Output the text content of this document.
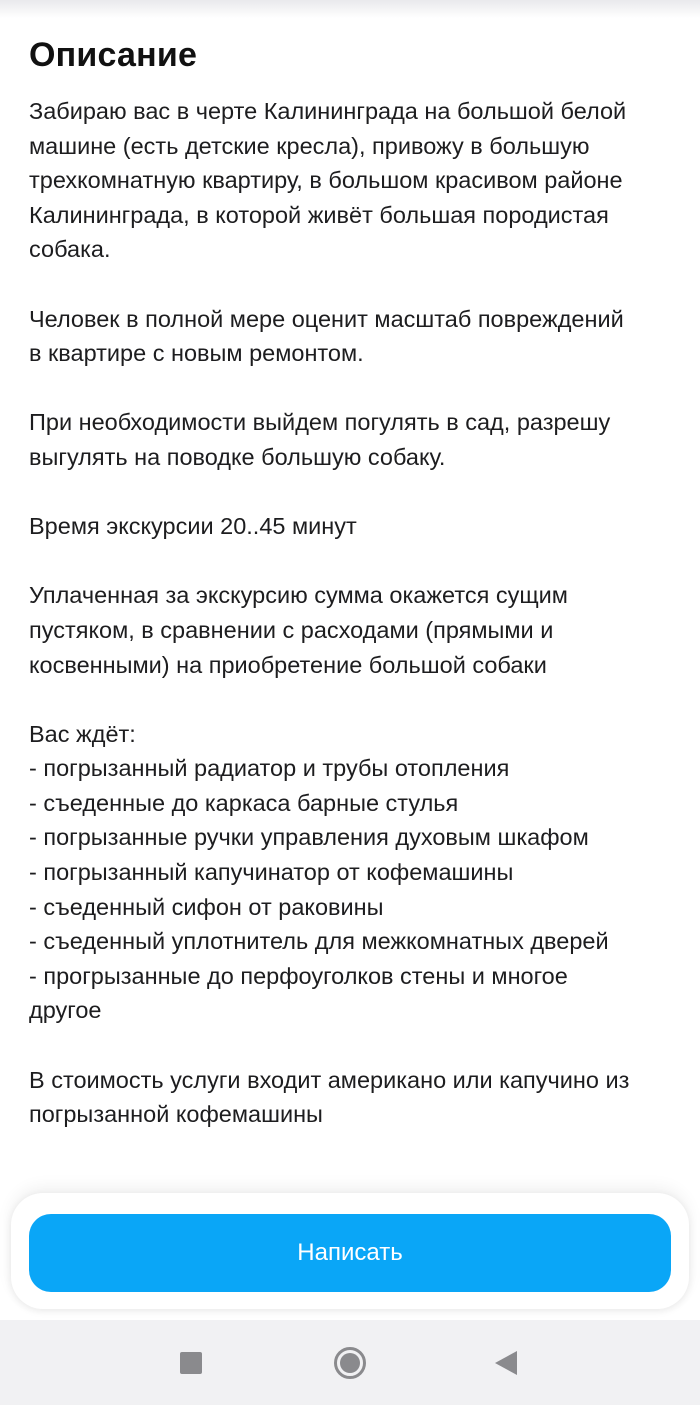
Описание

Забираю вас в черте Калининграда на большой белой
машине (есть детские кресла), привожу в большую
трехкомнатную квартиру, в большом красивом районе
Калининграда, в которой живёт большая породистая
собака.

Человек в полной мере оценит масштаб повреждений
в квартире с новым ремонтом.

При необходимости выйдем погулять в сад, разрешу
выгулять на поводке большую собаку.

Время экскурсии 20..45 минут

Уплаченная за экскурсию сумма окажется сущим
пустяком, в сравнении с расходами (прямыми и
косвенными) на приобретение большой собаки

Вас ждёт:
- погрызанный радиатор и трубы отопления
- съеденные до каркаса барные стулья
- погрызанные ручки управления духовым шкафом
- погрызанный капучинатор от кофемашины
- съеденный сифон от раковины
- съеденный уплотнитель для межкомнатных дверей
- прогрызанные до перфоуголков стены и многое
другое

В стоимость услуги входит американо или капучино из
погрызанной кофемашины

Написать
